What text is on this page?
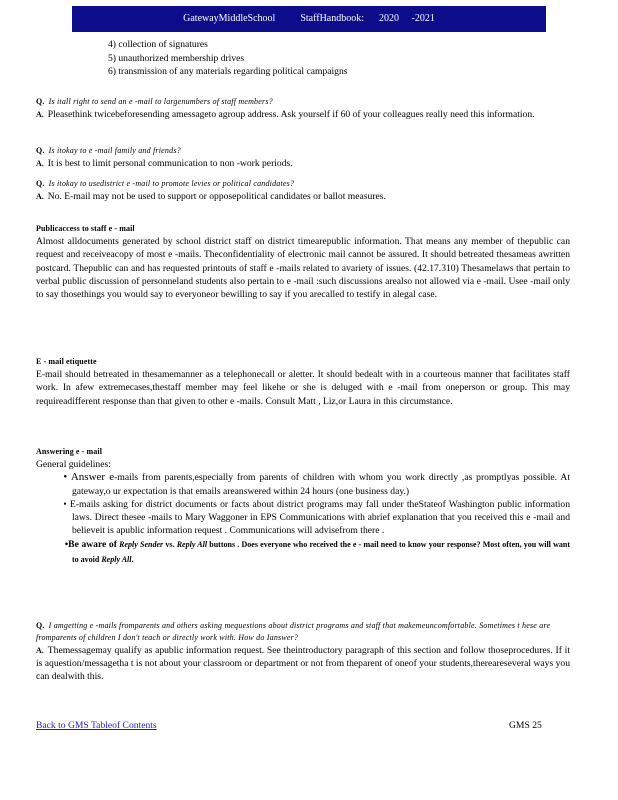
GatewayMiddleSchool	StaffHandbook: 2020 -2021
4) collection of signatures
5) unauthorized membership drives
6) transmission of any materials regarding political campaigns
Q. Is itall right to send an e -mail to largenumbers of staff members?
A. Pleasethink twicebeforesending amessageto agroup address. Ask yourself if 60 of your colleagues really need this information.
Q. Is itokay to e -mail family and friends?
A. It is best to limit personal communication to non -work periods.
Q. Is itokay to usedistrict e -mail to promote levies or political candidates?
A. No. E-mail may not be used to support or opposepolitical candidates or ballot measures.
Publicaccess to staff e - mail
Almost alldocuments generated by school district staff on district timearepublic information. That means any member of thepublic can request and receiveacopy of most e -mails. Theconfidentiality of electronic mail cannot be assured. It should betreated thesameas awritten postcard. Thepublic can and has requested printouts of staff e -mails related to avariety of issues. (42.17.310) Thesamelaws that pertain to verbal public discussion of personneland students also pertain to e -mail :such discussions arealso not allowed via e -mail. Usee -mail only to say thosethings you would say to everyoneor bewilling to say if you arecalled to testify in alegal case.
E - mail etiquette
E-mail should betreated in thesamemanner as a telephonecall or aletter. It should bedealt with in a courteous manner that facilitates staff work. In afew extremecases,thestaff member may feel likehe or she is deluged with e -mail from oneperson or group. This may requireadifferent response than that given to other e -mails. Consult Matt , Liz,or Laura in this circumstance.
Answering e - mail
General guidelines:
• Answer e-mails from parents,especially from parents of children with whom you work directly ,as promptlyas possible. At gateway,o ur expectation is that emails areanswered within 24 hours (one business day.)
• E-mails asking for district documents or facts about district programs may fall under theStateof Washington public information laws. Direct thesee -mails to Mary Waggoner in EPS Communications with abrief explanation that you received this e -mail and believeit is apublic information request . Communications will advisefrom there .
•Be aware of Reply Sender vs. Reply All buttons . Does everyone who received the e - mail need to know your response? Most often, you will want to avoid Reply All.
Q. I amgetting e -mails fromparents and others asking mequestions about district programs and staff that makemeuncomfortable. Sometimes t hese are fromparents of children I don't teach or directly work with. How do Ianswer?
A. Themessagemay qualify as apublic information request. See theintroductory paragraph of this section and follow thoseprocedures. If it is aquestion/messagetha t is not about your classroom or department or not from theparent of oneof your students,thereareseveral ways you can dealwith this.
Back to GMS Tableof Contents	GMS 25
